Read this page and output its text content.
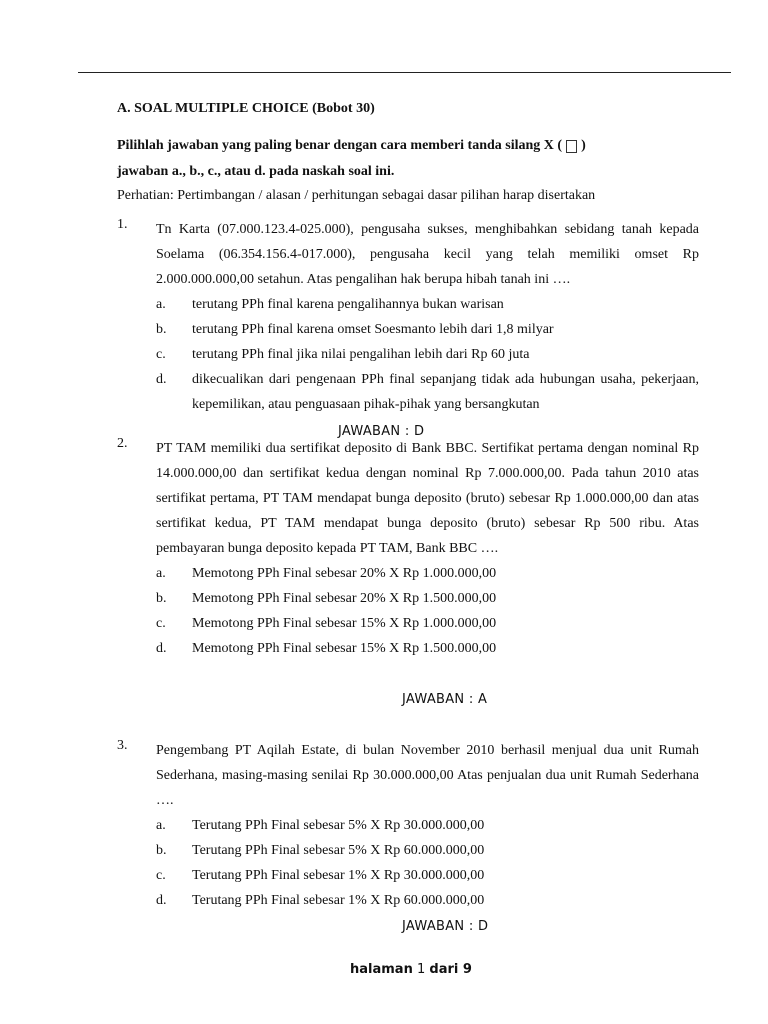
A. SOAL MULTIPLE CHOICE (Bobot 30)
Pilihlah jawaban yang paling benar dengan cara memberi tanda silang X ( )
jawaban a., b., c., atau d. pada naskah soal ini.
Perhatian: Pertimbangan / alasan / perhitungan sebagai dasar pilihan harap disertakan
1. Tn Karta (07.000.123.4-025.000), pengusaha sukses, menghibahkan sebidang tanah kepada Soelama (06.354.156.4-017.000), pengusaha kecil yang telah memiliki omset Rp 2.000.000.000,00 setahun. Atas pengalihan hak berupa hibah tanah ini ….
a. terutang PPh final karena pengalihannya bukan warisan
b. terutang PPh final karena omset Soesmanto lebih dari 1,8 milyar
c. terutang PPh final jika nilai pengalihan lebih dari Rp 60 juta
d. dikecualikan dari pengenaan PPh final sepanjang tidak ada hubungan usaha, pekerjaan, kepemilikan, atau penguasaan pihak-pihak yang bersangkutan
JAWABAN : D
2. PT TAM memiliki dua sertifikat deposito di Bank BBC. Sertifikat pertama dengan nominal Rp 14.000.000,00 dan sertifikat kedua dengan nominal Rp 7.000.000,00. Pada tahun 2010 atas sertifikat pertama, PT TAM mendapat bunga deposito (bruto) sebesar Rp 1.000.000,00 dan atas sertifikat kedua, PT TAM mendapat bunga deposito (bruto) sebesar Rp 500 ribu. Atas pembayaran bunga deposito kepada PT TAM, Bank BBC ….
a. Memotong PPh Final sebesar 20% X Rp 1.000.000,00
b. Memotong PPh Final sebesar 20% X Rp 1.500.000,00
c. Memotong PPh Final sebesar 15% X Rp 1.000.000,00
d. Memotong PPh Final sebesar 15% X Rp 1.500.000,00
JAWABAN : A
3. Pengembang PT Aqilah Estate, di bulan November 2010 berhasil menjual dua unit Rumah Sederhana, masing-masing senilai Rp 30.000.000,00 Atas penjualan dua unit Rumah Sederhana ….
a. Terutang PPh Final sebesar 5% X Rp 30.000.000,00
b. Terutang PPh Final sebesar 5% X Rp 60.000.000,00
c. Terutang PPh Final sebesar 1% X Rp 30.000.000,00
d. Terutang PPh Final sebesar 1% X Rp 60.000.000,00
JAWABAN : D
halaman 1 dari 9
